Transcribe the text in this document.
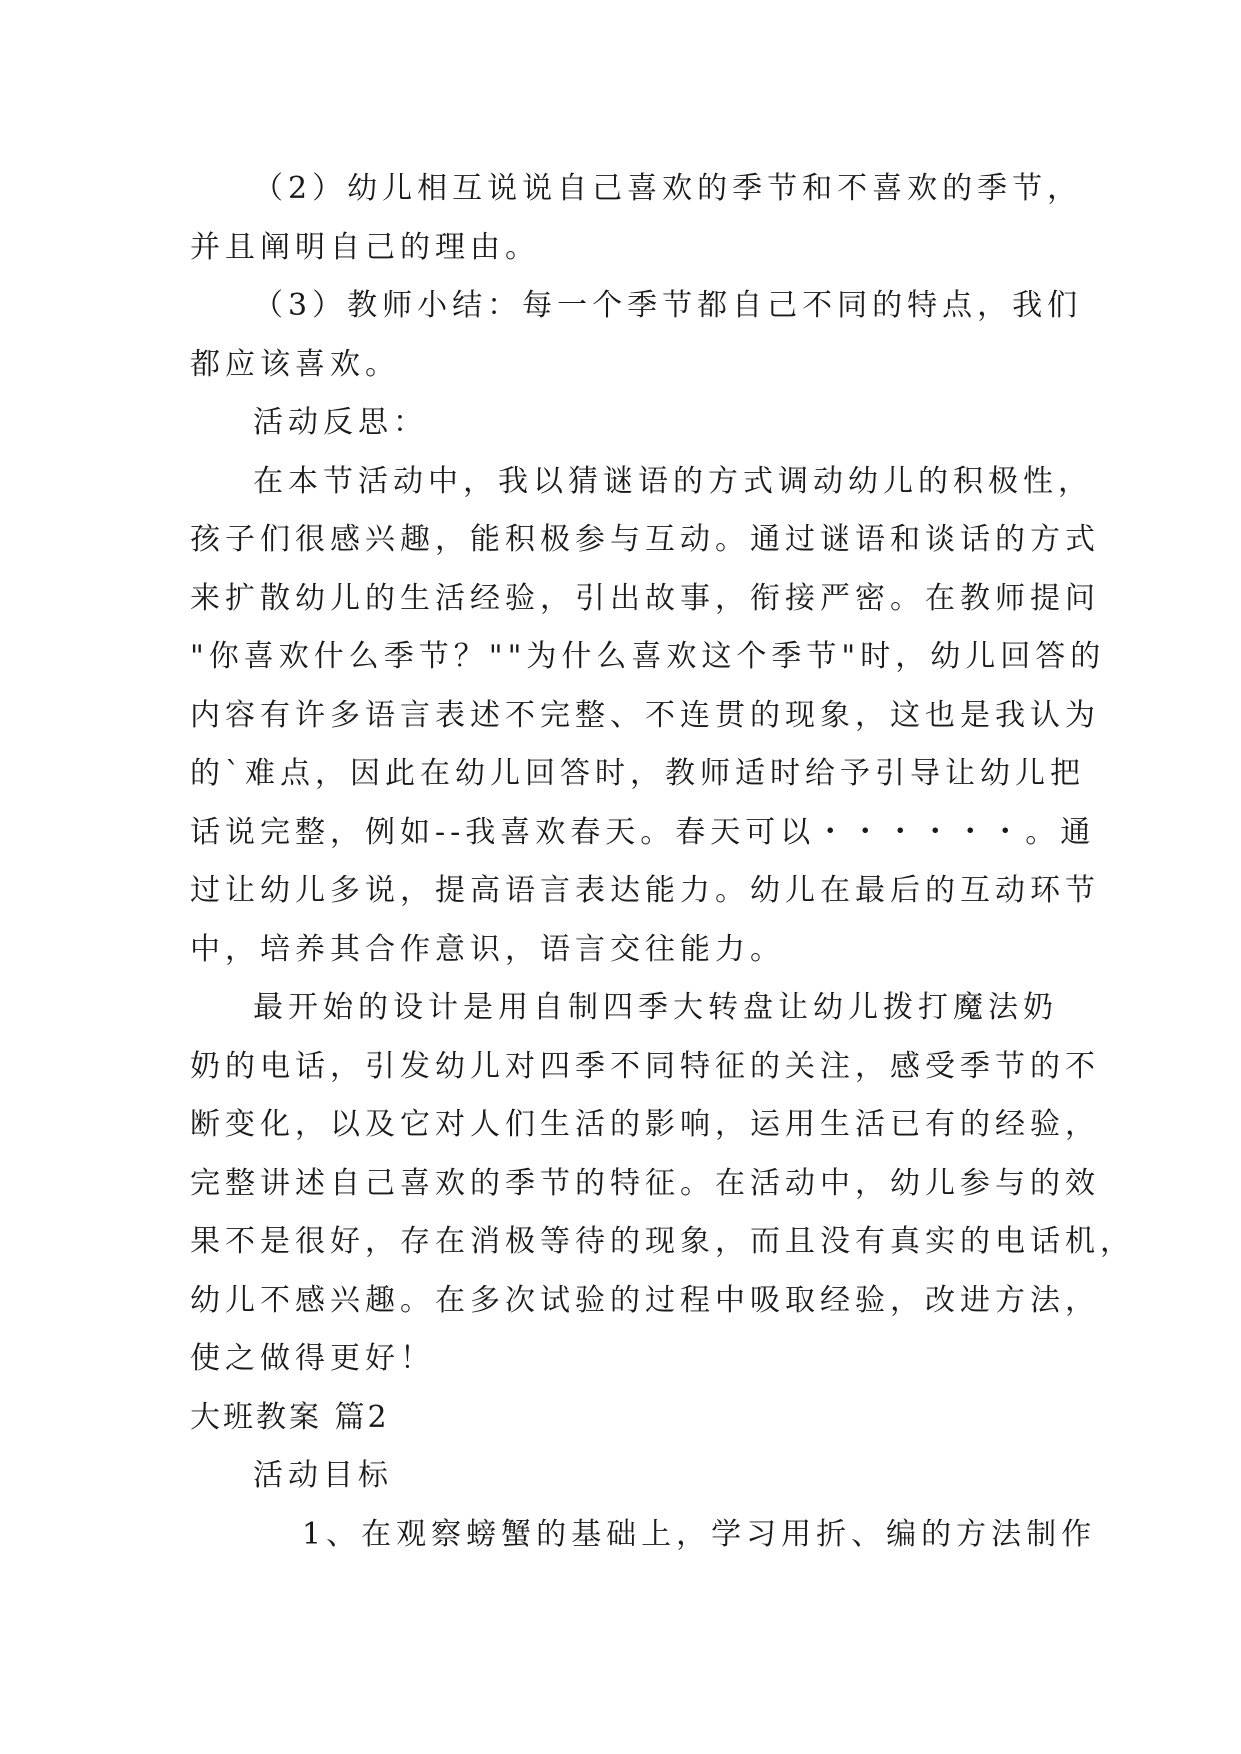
（2）幼儿相互说说自己喜欢的季节和不喜欢的季节，

并且阐明自己的理由。

（3）教师小结：每一个季节都自己不同的特点，我们

都应该喜欢。

活动反思：

在本节活动中，我以猜谜语的方式调动幼儿的积极性，

孩子们很感兴趣，能积极参与互动。通过谜语和谈话的方式

来扩散幼儿的生活经验，引出故事，衔接严密。在教师提问

"你喜欢什么季节？""为什么喜欢这个季节"时，幼儿回答的

内容有许多语言表述不完整、不连贯的现象，这也是我认为

的`难点，因此在幼儿回答时，教师适时给予引导让幼儿把

话说完整，例如--我喜欢春天。春天可以・・・・・・。通

过让幼儿多说，提高语言表达能力。幼儿在最后的互动环节

中，培养其合作意识，语言交往能力。

最开始的设计是用自制四季大转盘让幼儿拨打魔法奶

奶的电话，引发幼儿对四季不同特征的关注，感受季节的不

断变化，以及它对人们生活的影响，运用生活已有的经验，

完整讲述自己喜欢的季节的特征。在活动中，幼儿参与的效

果不是很好，存在消极等待的现象，而且没有真实的电话机，

幼儿不感兴趣。在多次试验的过程中吸取经验，改进方法，

使之做得更好！

大班教案 篇2

活动目标

1、在观察螃蟹的基础上，学习用折、编的方法制作
